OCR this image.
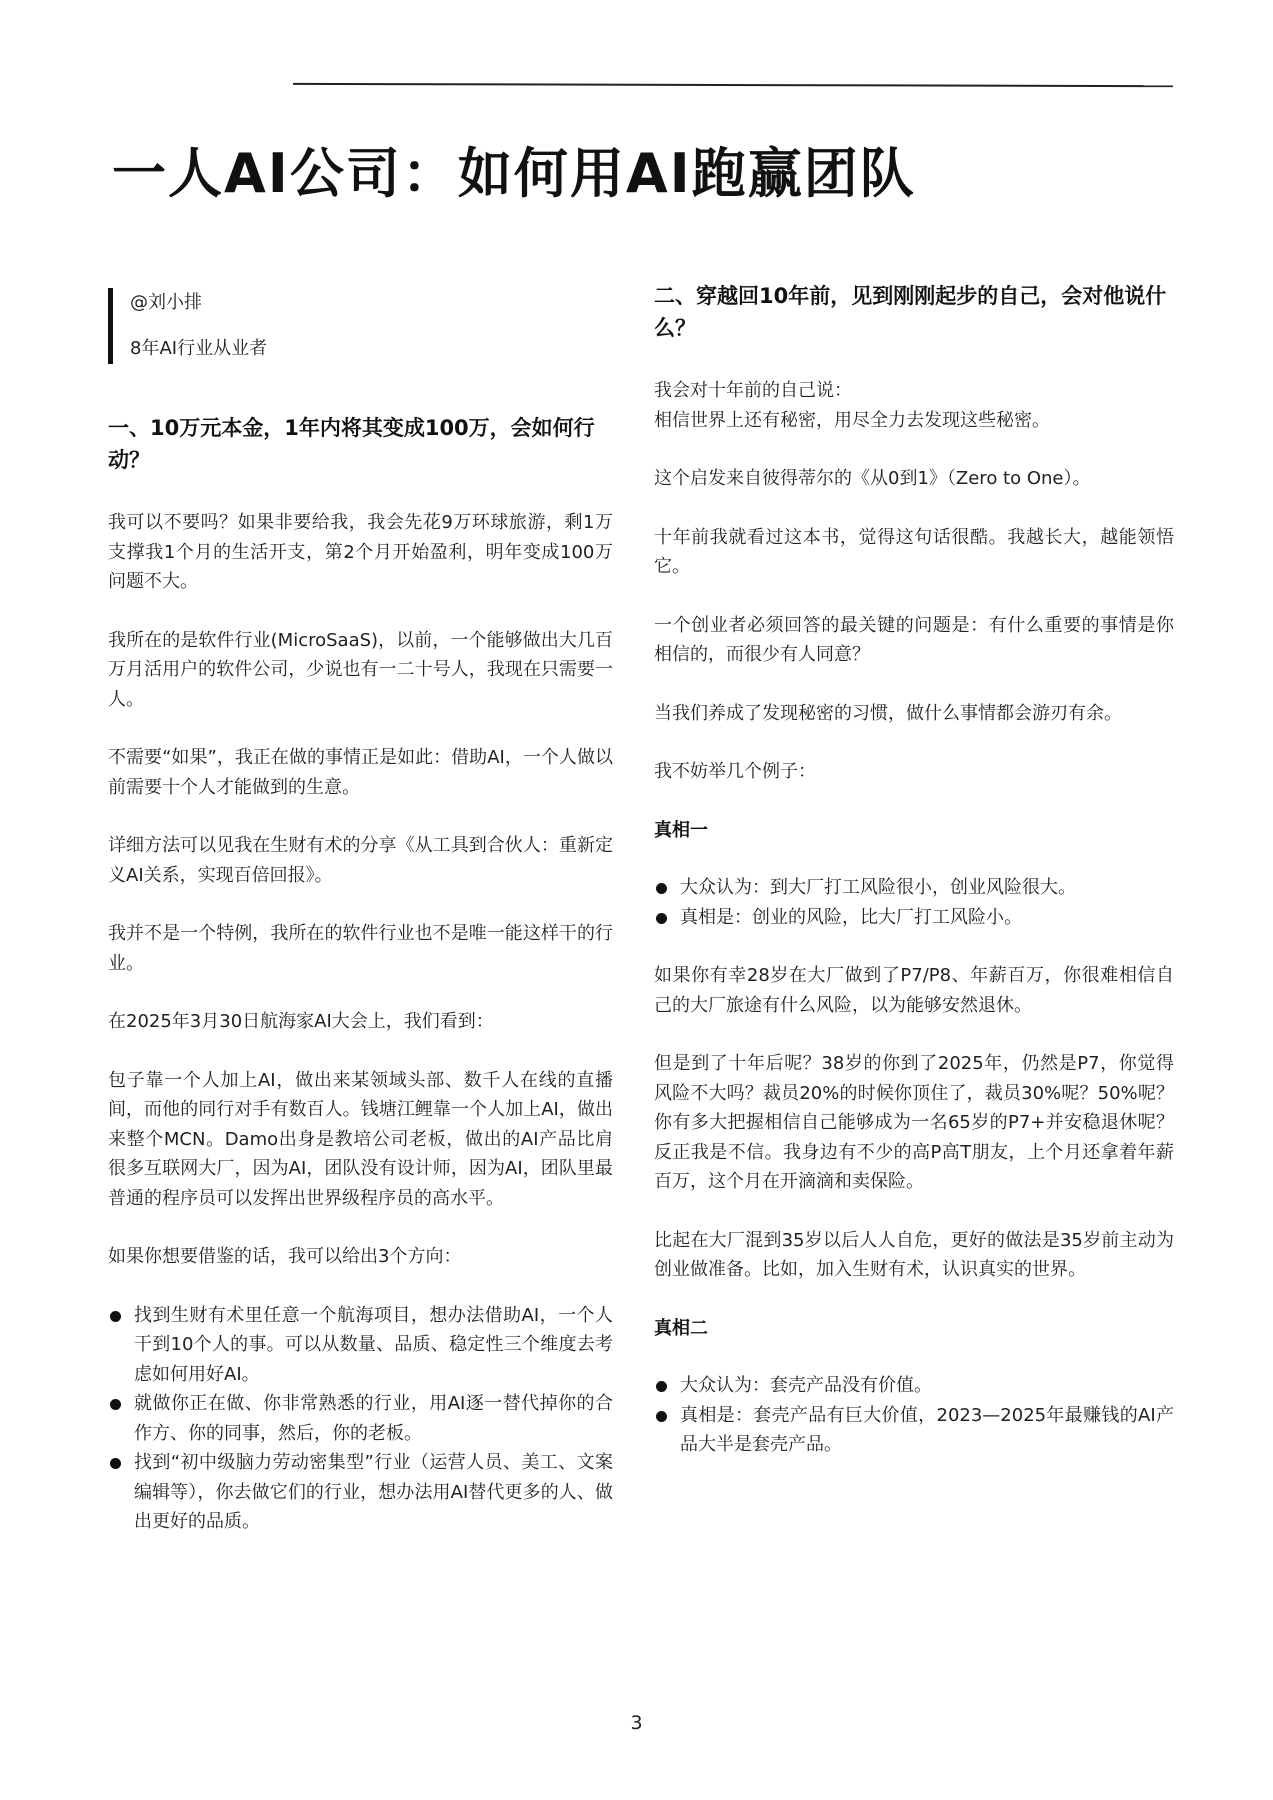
一人AI公司：如何用AI跑赢团队
@刘小排
8年AI行业从业者
一、10万元本金，1年内将其变成100万，会如何行动？

我可以不要吗？如果非要给我，我会先花9万环球旅游，剩1万支撑我1个月的生活开支，第2个月开始盈利，明年变成100万问题不大。

我所在的是软件行业(MicroSaaS)，以前，一个能够做出大几百万月活用户的软件公司，少说也有一二十号人，我现在只需要一人。

不需要“如果”，我正在做的事情正是如此：借助AI，一个人做以前需要十个人才能做到的生意。

详细方法可以见我在生财有术的分享《从工具到合伙人：重新定义AI关系，实现百倍回报》。

我并不是一个特例，我所在的软件行业也不是唯一能这样干的行业。

在2025年3月30日航海家AI大会上，我们看到：

包子靠一个人加上AI，做出来某领域头部、数千人在线的直播间，而他的同行对手有数百人。钱塘江鲤靠一个人加上AI，做出来整个MCN。Damo出身是教培公司老板，做出的AI产品比肩很多互联网大厂，因为AI，团队没有设计师，因为AI，团队里最普通的程序员可以发挥出世界级程序员的高水平。

如果你想要借鉴的话，我可以给出3个方向：

找到生财有术里任意一个航海项目，想办法借助AI，一个人干到10个人的事。可以从数量、品质、稳定性三个维度去考虑如何用好AI。
就做你正在做、你非常熟悉的行业，用AI逐一替代掉你的合作方、你的同事，然后，你的老板。
找到“初中级脑力劳动密集型”行业（运营人员、美工、文案编辑等），你去做它们的行业，想办法用AI替代更多的人、做出更好的品质。
二、穿越回10年前，见到刚刚起步的自己，会对他说什么？

我会对十年前的自己说：
相信世界上还有秘密，用尽全力去发现这些秘密。

这个启发来自彼得蒂尔的《从0到1》（Zero to One）。

十年前我就看过这本书，觉得这句话很酷。我越长大，越能领悟它。

一个创业者必须回答的最关键的问题是：有什么重要的事情是你相信的，而很少有人同意？

当我们养成了发现秘密的习惯，做什么事情都会游刃有余。

我不妨举几个例子：

真相一
大众认为：到大厂打工风险很小，创业风险很大。
真相是：创业的风险，比大厂打工风险小。

如果你有幸28岁在大厂做到了P7/P8、年薪百万，你很难相信自己的大厂旅途有什么风险，以为能够安然退休。

但是到了十年后呢？38岁的你到了2025年，仍然是P7，你觉得风险不大吗？裁员20%的时候你顶住了，裁员30%呢？50%呢？你有多大把握相信自己能够成为一名65岁的P7+并安稳退休呢？反正我是不信。我身边有不少的高P高T朋友，上个月还拿着年薪百万，这个月在开滴滴和卖保险。

比起在大厂混到35岁以后人人自危，更好的做法是35岁前主动为创业做准备。比如，加入生财有术，认识真实的世界。

真相二
大众认为：套壳产品没有价值。
真相是：套壳产品有巨大价值，2023—2025年最赚钱的AI产品大半是套壳产品。
3
